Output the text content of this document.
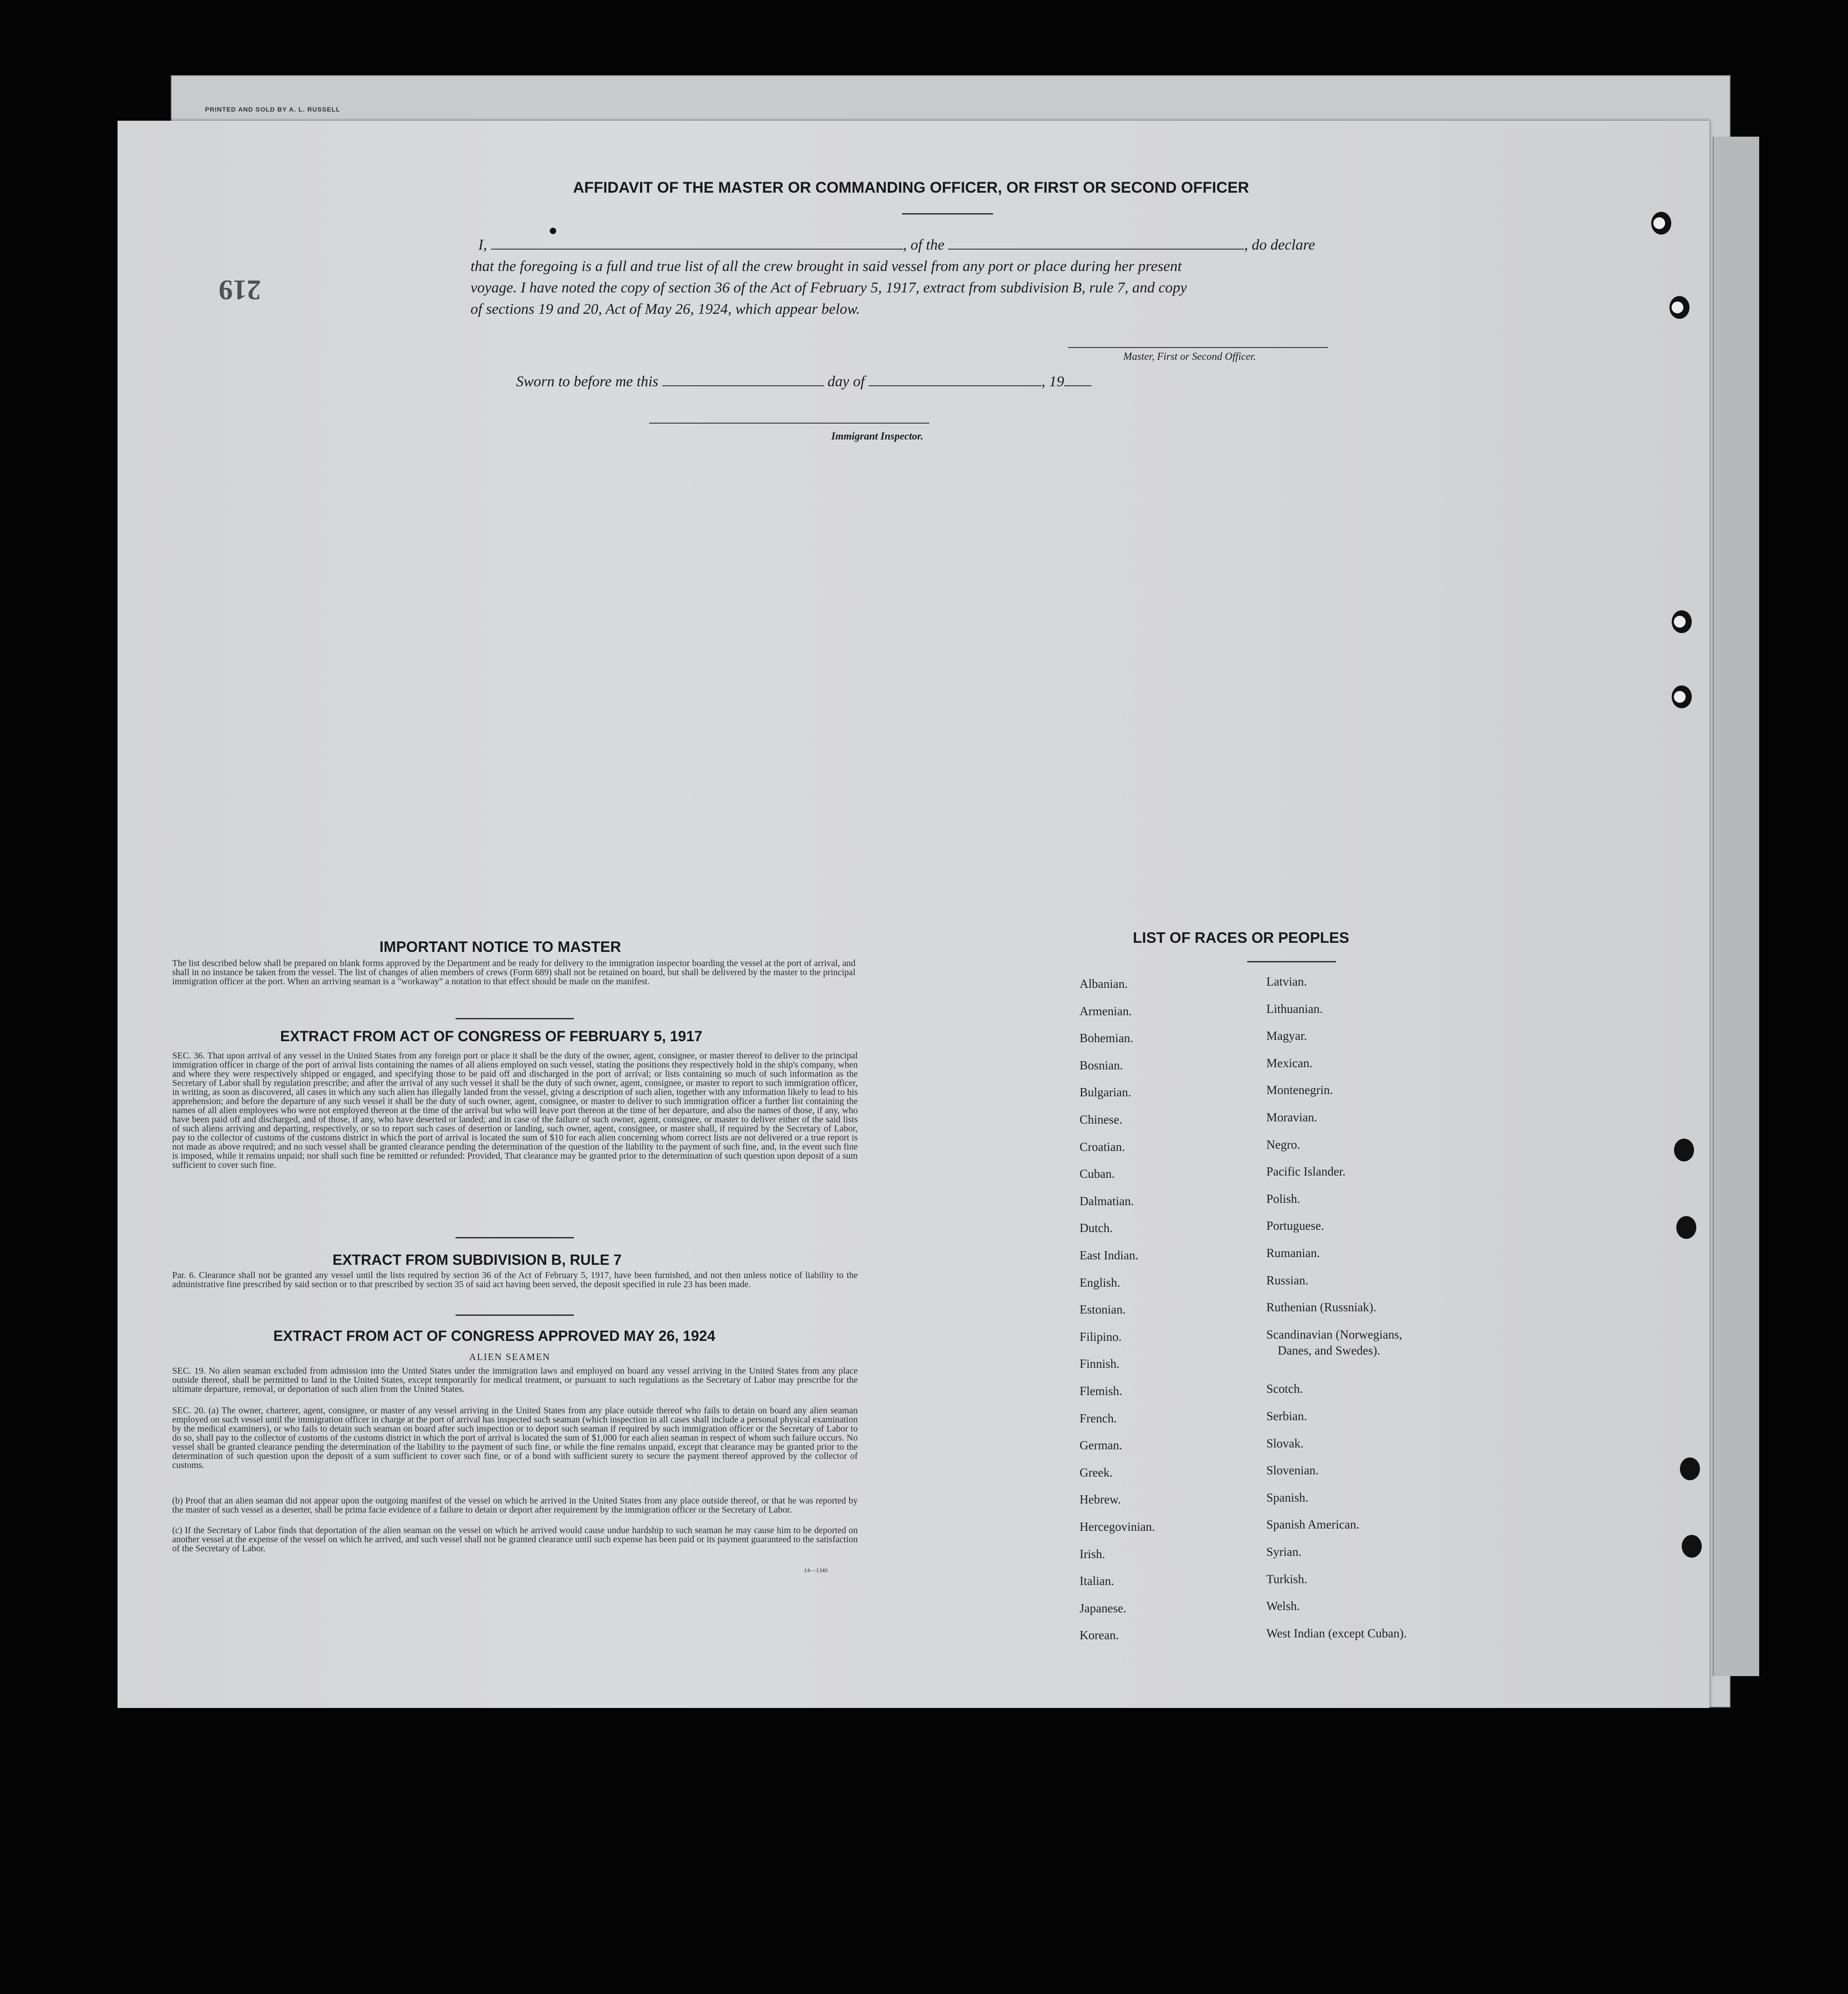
PRINTED AND SOLD BY A. L. RUSSELL
219
AFFIDAVIT OF THE MASTER OR COMMANDING OFFICER, OR FIRST OR SECOND OFFICER
I,	, of the	, do declare
that the foregoing is a full and true list of all the crew brought in said vessel from any port or place during her present
voyage. I have noted the copy of section 36 of the Act of February 5, 1917, extract from subdivision B, rule 7, and copy
of sections 19 and 20, Act of May 26, 1924, which appear below.
Master, First or Second Officer.
Sworn to before me this	day of	, 19
Immigrant Inspector.
IMPORTANT NOTICE TO MASTER
The list described below shall be prepared on blank forms approved by the Department and be ready for delivery to the immigration inspector boarding the vessel at the port of arrival, and shall in no instance be taken from the vessel. The list of changes of alien members of crews (Form 689) shall not be retained on board, but shall be delivered by the master to the principal immigration officer at the port. When an arriving seaman is a "workaway" a notation to that effect should be made on the manifest.
EXTRACT FROM ACT OF CONGRESS OF FEBRUARY 5, 1917
SEC. 36. That upon arrival of any vessel in the United States from any foreign port or place it shall be the duty of the owner, agent, consignee, or master thereof to deliver to the principal immigration officer in charge of the port of arrival lists containing the names of all aliens employed on such vessel, stating the positions they respectively hold in the ship's company, when and where they were respectively shipped or engaged, and specifying those to be paid off and discharged in the port of arrival; or lists containing so much of such information as the Secretary of Labor shall by regulation prescribe; and after the arrival of any such vessel it shall be the duty of such owner, agent, consignee, or master to report to such immigration officer, in writing, as soon as discovered, all cases in which any such alien has illegally landed from the vessel, giving a description of such alien, together with any information likely to lead to his apprehension; and before the departure of any such vessel it shall be the duty of such owner, agent, consignee, or master to deliver to such immigration officer a further list containing the names of all alien employees who were not employed thereon at the time of the arrival but who will leave port thereon at the time of her departure, and also the names of those, if any, who have been paid off and discharged, and of those, if any, who have deserted or landed; and in case of the failure of such owner, agent, consignee, or master to deliver either of the said lists of such aliens arriving and departing, respectively, or so to report such cases of desertion or landing, such owner, agent, consignee, or master shall, if required by the Secretary of Labor, pay to the collector of customs of the customs district in which the port of arrival is located the sum of $10 for each alien concerning whom correct lists are not delivered or a true report is not made as above required; and no such vessel shall be granted clearance pending the determination of the question of the liability to the payment of such fine, and, in the event such fine is imposed, while it remains unpaid; nor shall such fine be remitted or refunded: Provided, That clearance may be granted prior to the determination of such question upon deposit of a sum sufficient to cover such fine.
EXTRACT FROM SUBDIVISION B, RULE 7
Par. 6. Clearance shall not be granted any vessel until the lists required by section 36 of the Act of February 5, 1917, have been furnished, and not then unless notice of liability to the administrative fine prescribed by said section or to that prescribed by section 35 of said act having been served, the deposit specified in rule 23 has been made.
EXTRACT FROM ACT OF CONGRESS APPROVED MAY 26, 1924
ALIEN SEAMEN
SEC. 19. No alien seaman excluded from admission into the United States under the immigration laws and employed on board any vessel arriving in the United States from any place outside thereof, shall be permitted to land in the United States, except temporarily for medical treatment, or pursuant to such regulations as the Secretary of Labor may prescribe for the ultimate departure, removal, or deportation of such alien from the United States.
SEC. 20. (a) The owner, charterer, agent, consignee, or master of any vessel arriving in the United States from any place outside thereof who fails to detain on board any alien seaman employed on such vessel until the immigration officer in charge at the port of arrival has inspected such seaman (which inspection in all cases shall include a personal physical examination by the medical examiners), or who fails to detain such seaman on board after such inspection or to deport such seaman if required by such immigration officer or the Secretary of Labor to do so, shall pay to the collector of customs of the customs district in which the port of arrival is located the sum of $1,000 for each alien seaman in respect of whom such failure occurs. No vessel shall be granted clearance pending the determination of the liability to the payment of such fine, or while the fine remains unpaid, except that clearance may be granted prior to the determination of such question upon the deposit of a sum sufficient to cover such fine, or of a bond with sufficient surety to secure the payment thereof approved by the collector of customs.
(b) Proof that an alien seaman did not appear upon the outgoing manifest of the vessel on which he arrived in the United States from any place outside thereof, or that he was reported by the master of such vessel as a deserter, shall be prima facie evidence of a failure to detain or deport after requirement by the immigration officer or the Secretary of Labor.
(c) If the Secretary of Labor finds that deportation of the alien seaman on the vessel on which he arrived would cause undue hardship to such seaman he may cause him to be deported on another vessel at the expense of the vessel on which he arrived, and such vessel shall not be granted clearance until such expense has been paid or its payment guaranteed to the satisfaction of the Secretary of Labor.
14—1340
LIST OF RACES OR PEOPLES
Albanian.
Armenian.
Bohemian.
Bosnian.
Bulgarian.
Chinese.
Croatian.
Cuban.
Dalmatian.
Dutch.
East Indian.
English.
Estonian.
Filipino.
Finnish.
Flemish.
French.
German.
Greek.
Hebrew.
Hercegovinian.
Irish.
Italian.
Japanese.
Korean.
Latvian.
Lithuanian.
Magyar.
Mexican.
Montenegrin.
Moravian.
Negro.
Pacific Islander.
Polish.
Portuguese.
Rumanian.
Russian.
Ruthenian (Russniak).
Scandinavian (Norwegians,
Danes, and Swedes).
Scotch.
Serbian.
Slovak.
Slovenian.
Spanish.
Spanish American.
Syrian.
Turkish.
Welsh.
West Indian (except Cuban).
